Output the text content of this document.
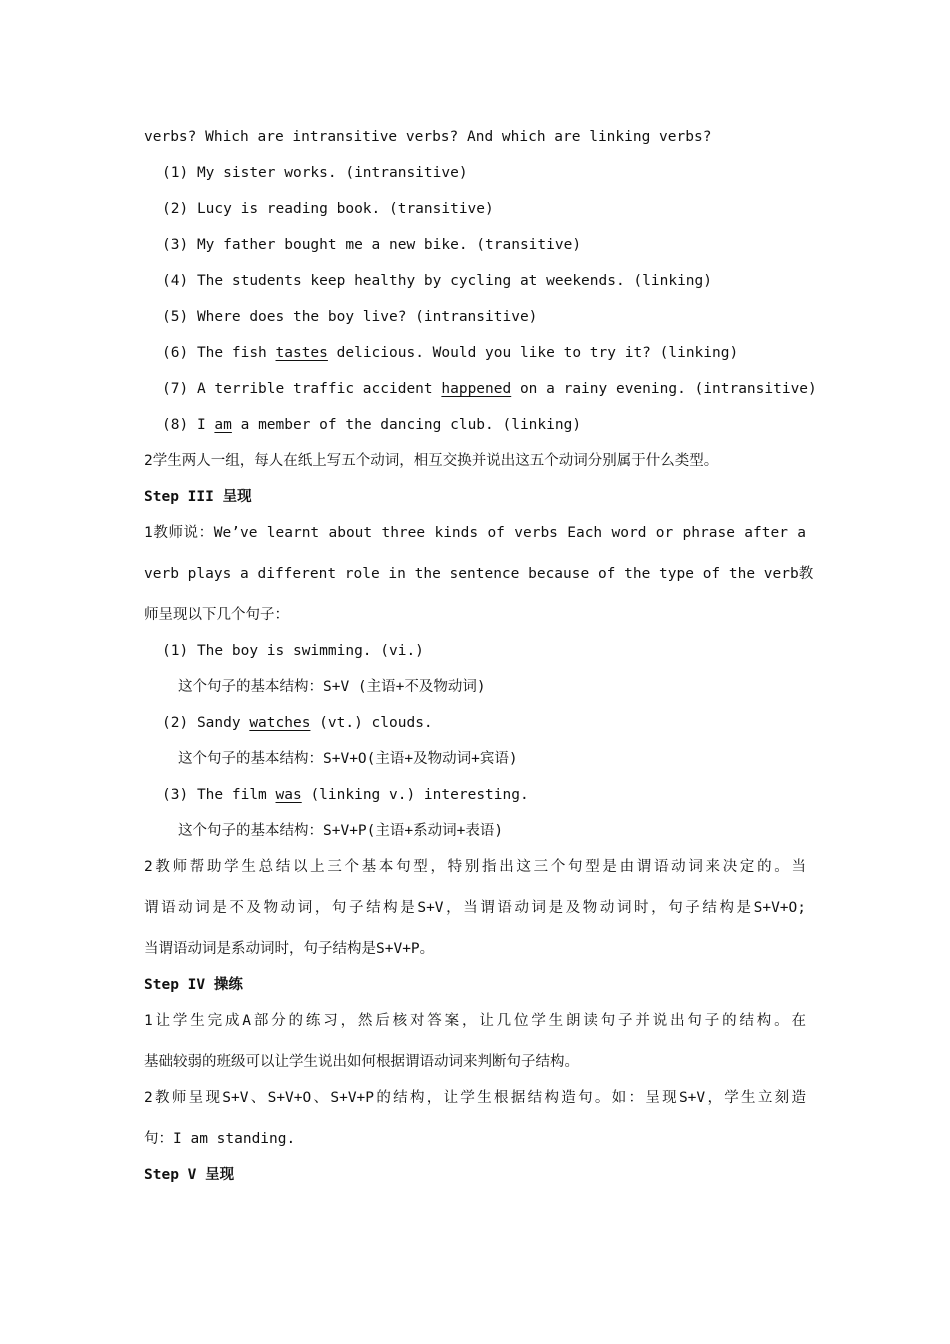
verbs? Which are intransitive verbs? And which are linking verbs?
(1) My sister works. (intransitive)
(2) Lucy is reading book. (transitive)
(3) My father bought me a new bike. (transitive)
(4) The students keep healthy by cycling at weekends. (linking)
(5) Where does the boy live? (intransitive)
(6) The fish tastes delicious. Would you like to try it? (linking)
(7) A terrible traffic accident happened on a rainy evening. (intransitive)
(8) I am a member of the dancing club. (linking)
2学生两人一组，每人在纸上写五个动词，相互交换并说出这五个动词分别属于什么类型。
Step III 呈现
1教师说：We’ve learnt about three kinds of verbs Each word or phrase after a
verb plays a different role in the sentence because of the type of the verb教
师呈现以下几个句子：
(1) The boy is swimming. (vi.)
这个句子的基本结构：S+V (主语+不及物动词)
(2) Sandy watches (vt.) clouds.
这个句子的基本结构：S+V+O(主语+及物动词+宾语)
(3) The film was (linking v.) interesting.
这个句子的基本结构：S+V+P(主语+系动词+表语)
2教师帮助学生总结以上三个基本句型，特别指出这三个句型是由谓语动词来决定的。当
谓语动词是不及物动词，句子结构是S+V，当谓语动词是及物动词时，句子结构是S+V+O;
当谓语动词是系动词时，句子结构是S+V+P。
Step IV 操练
1让学生完成A部分的练习，然后核对答案，让几位学生朗读句子并说出句子的结构。在
基础较弱的班级可以让学生说出如何根据谓语动词来判断句子结构。
2教师呈现S+V、S+V+O、S+V+P的结构，让学生根据结构造句。如：呈现S+V，学生立刻造
句：I am standing.
Step V 呈现
